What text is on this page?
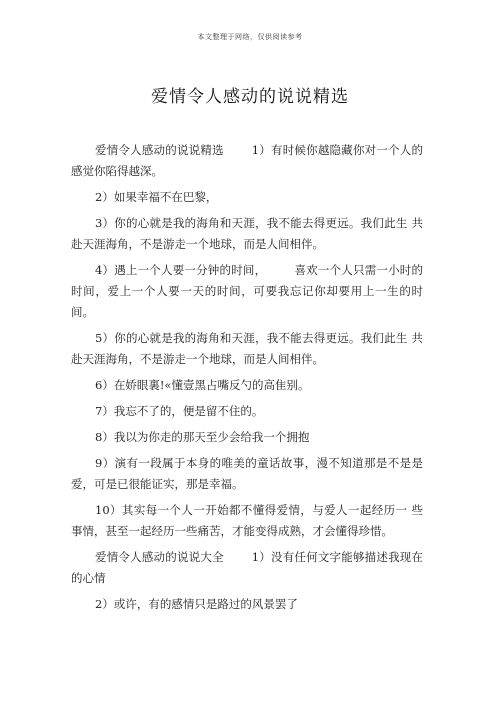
本文整理于网络，仅供阅读参考
爱情令人感动的说说精选

爱情令人感动的说说精选 1）有时候你越隐藏你对一个人的感觉你陷得越深。

2）如果幸福不在巴黎，

3）你的心就是我的海角和天涯，我不能去得更远。我们此生 共赴天涯海角，不是游走一个地球，而是人间相伴。

4）遇上一个人要一分钟的时间， 喜欢一个人只需一小时的时间，爱上一个人要一天的时间，可要我忘记你却要用上一生的时间。

5）你的心就是我的海角和天涯，我不能去得更远。我们此生 共赴天涯海角，不是游走一个地球，而是人间相伴。

6）在娇眼裏!«懂壹黑占嘴反勺的高隹别。

7）我忘不了的，便是留不住的。

8）我以为你走的那天至少会给我一个拥抱

9）演有一段属于本身的唯美的童话故事，漫不知道那是不是是爱，可是已很能证实，那是幸福。

10）其实每一个人一开始都不懂得爱情，与爱人一起经历一 些事情，甚至一起经历一些痛苦，才能变得成熟，才会懂得珍惜。

爱情令人感动的说说大全 1）没有任何文字能够描述我现在的心情

2）或许，有的感情只是路过的风景罢了
